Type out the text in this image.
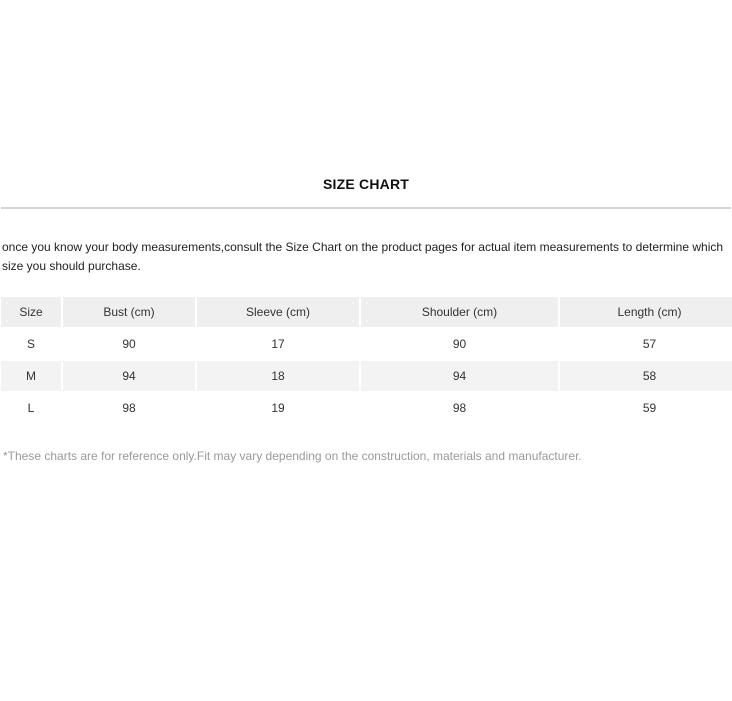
SIZE CHART
once you know your body measurements,consult the Size Chart on the product pages for actual item measurements to determine which size you should purchase.
Size	Bust (cm)	Sleeve (cm)	Shoulder (cm)	Length (cm)
S	90	17	90	57
M	94	18	94	58
L	98	19	98	59
*These charts are for reference only.Fit may vary depending on the construction, materials and manufacturer.
